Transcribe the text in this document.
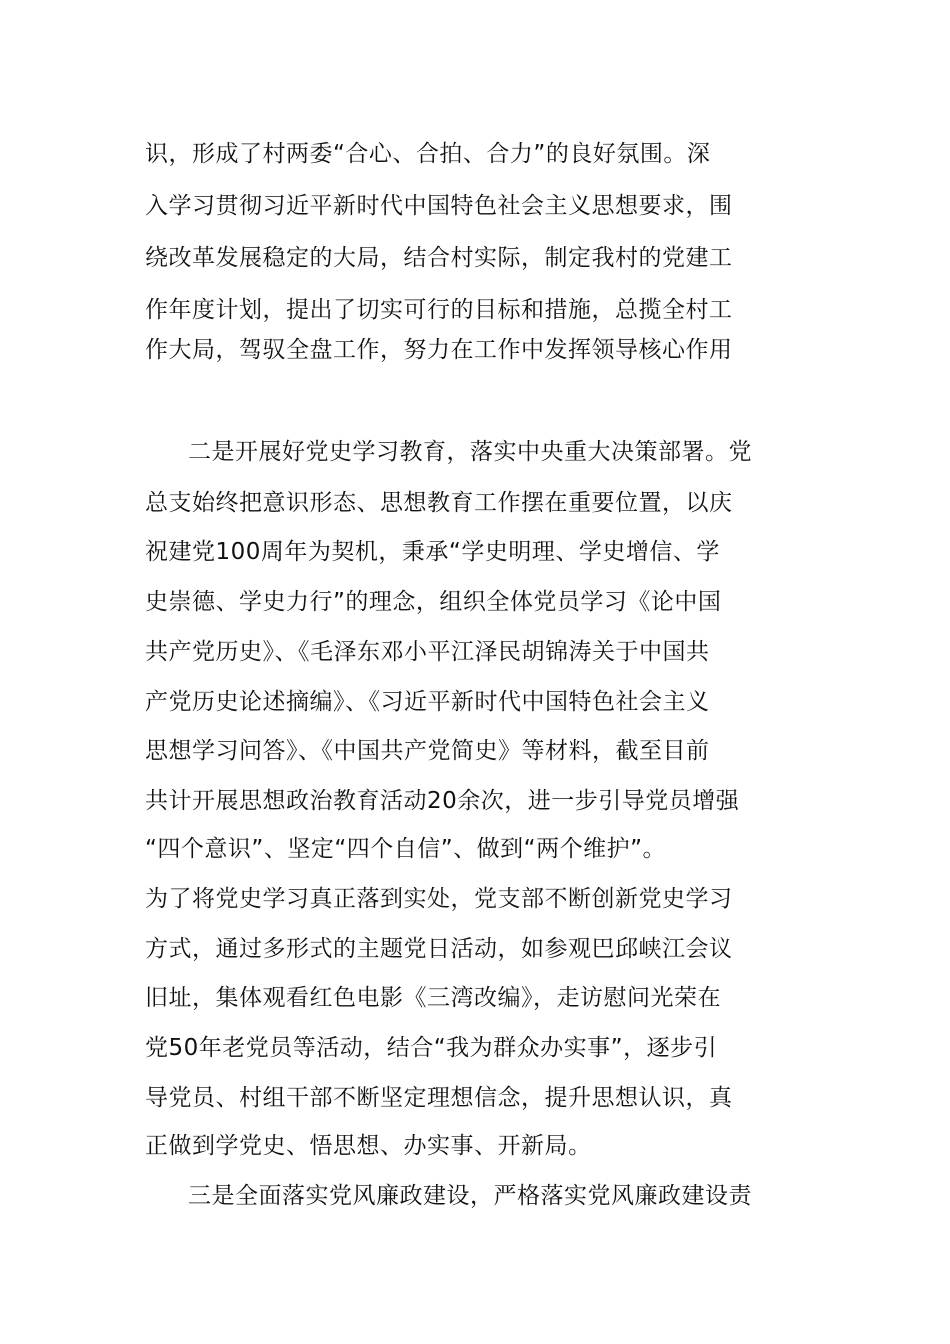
识，形成了村两委“合心、合拍、合力”的良好氛围。深
入学习贯彻习近平新时代中国特色社会主义思想要求，围
绕改革发展稳定的大局，结合村实际，制定我村的党建工
作年度计划，提出了切实可行的目标和措施，总揽全村工
作大局，驾驭全盘工作，努力在工作中发挥领导核心作用
二是开展好党史学习教育，落实中央重大决策部署。党
总支始终把意识形态、思想教育工作摆在重要位置，以庆
祝建党100周年为契机，秉承“学史明理、学史增信、学
史崇德、学史力行”的理念，组织全体党员学习《论中国
共产党历史》、《毛泽东邓小平江泽民胡锦涛关于中国共
产党历史论述摘编》、《习近平新时代中国特色社会主义
思想学习问答》、《中国共产党简史》等材料，截至目前
共计开展思想政治教育活动20余次，进一步引导党员增强
“四个意识”、坚定“四个自信”、做到“两个维护”。
为了将党史学习真正落到实处，党支部不断创新党史学习
方式，通过多形式的主题党日活动，如参观巴邱峡江会议
旧址，集体观看红色电影《三湾改编》，走访慰问光荣在
党50年老党员等活动，结合“我为群众办实事”，逐步引
导党员、村组干部不断坚定理想信念，提升思想认识，真
正做到学党史、悟思想、办实事、开新局。
三是全面落实党风廉政建设，严格落实党风廉政建设责
